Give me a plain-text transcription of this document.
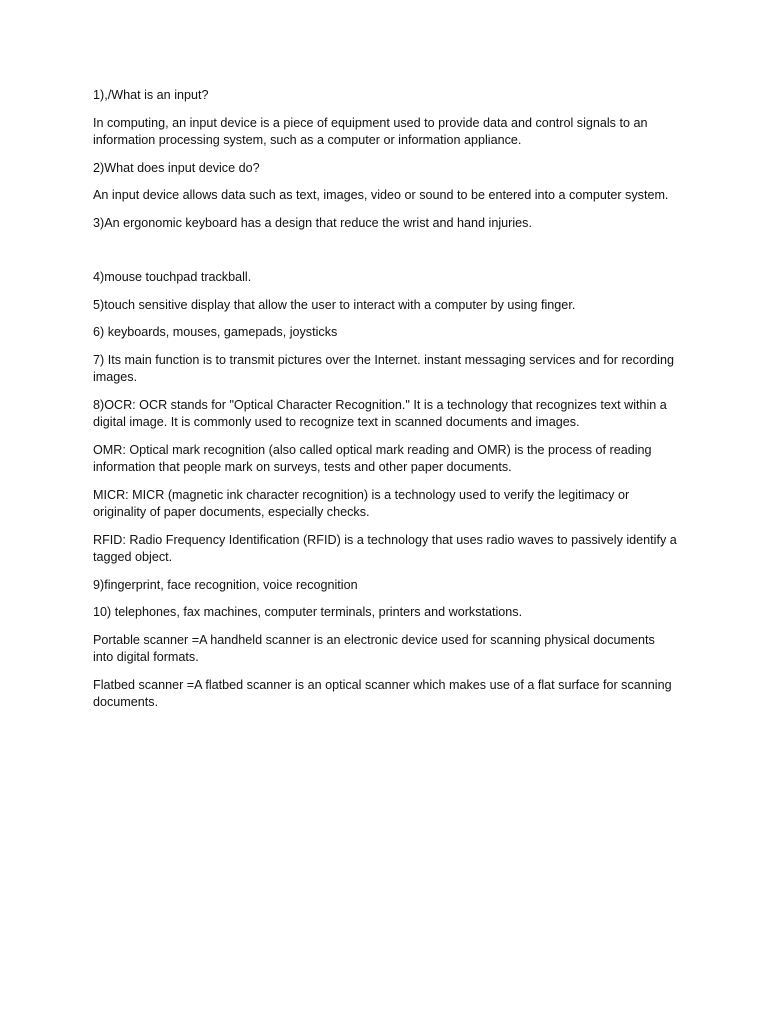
1),/What is an input?

In computing, an input device is a piece of equipment used to provide data and control signals to an information processing system, such as a computer or information appliance.

2)What does input device do?

An input device allows data such as text, images, video or sound to be entered into a computer system.

3)An ergonomic keyboard has a design that reduce the wrist and hand injuries.

4)mouse touchpad trackball.

5)touch sensitive display that allow the user to interact with a computer by using finger.

6) keyboards, mouses, gamepads, joysticks

7) Its main function is to transmit pictures over the Internet. instant messaging services and for recording images.

8)OCR: OCR stands for "Optical Character Recognition." It is a technology that recognizes text within a digital image. It is commonly used to recognize text in scanned documents and images.

OMR: Optical mark recognition (also called optical mark reading and OMR) is the process of reading information that people mark on surveys, tests and other paper documents.

MICR: MICR (magnetic ink character recognition) is a technology used to verify the legitimacy or originality of paper documents, especially checks.

RFID: Radio Frequency Identification (RFID) is a technology that uses radio waves to passively identify a tagged object.

9)fingerprint, face recognition, voice recognition

10) telephones, fax machines, computer terminals, printers and workstations.

Portable scanner =A handheld scanner is an electronic device used for scanning physical documents into digital formats.

Flatbed scanner =A flatbed scanner is an optical scanner which makes use of a flat surface for scanning documents.
